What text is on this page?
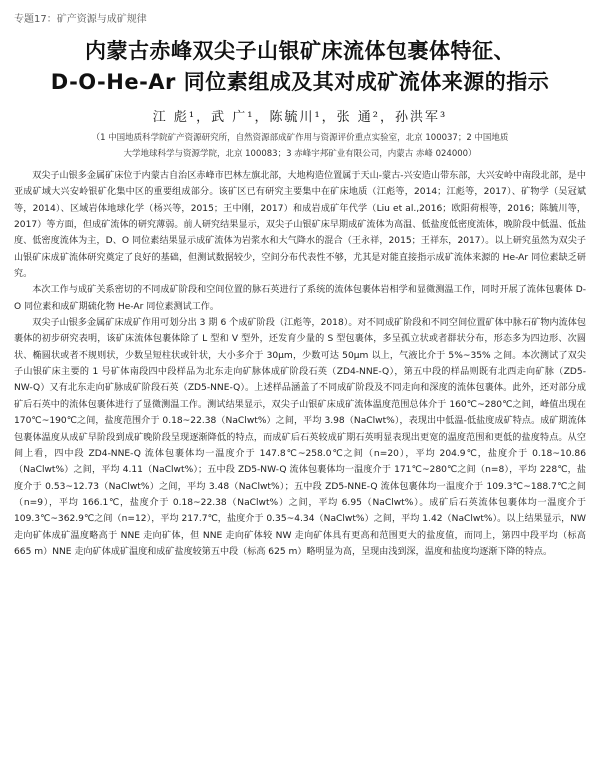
专题17：矿产资源与成矿规律
内蒙古赤峰双尖子山银矿床流体包裹体特征、
D-O-He-Ar 同位素组成及其对成矿流体来源的指示
江 彪¹，武 广¹，陈毓川¹，张 通²，孙洪军³
（1 中国地质科学院矿产资源研究所，自然资源部成矿作用与资源评价重点实验室，北京 100037；2 中国地质
大学地球科学与资源学院，北京 100083；3 赤峰宇邦矿业有限公司，内蒙古 赤峰 024000）

双尖子山银多金属矿床位于内蒙古自治区赤峰市巴林左旗北部，大地构造位置属于天山-蒙古-兴安造山带东部，大兴安岭中南段北部，是中亚成矿域大兴安岭银矿化集中区的重要组成部分。该矿区已有研究主要集中在矿床地质（江彪等，2014；江彪等，2017）、矿物学（吴冠斌等，2014）、区域岩体地球化学（杨兴等，2015；王中刚，2017）和成岩成矿年代学（Liu et al.,2016；欧阳荷根等，2016；陈毓川等，2017）等方面，但成矿流体的研究薄弱。前人研究结果显示，双尖子山银矿床早期成矿流体为高温、低盐度低密度流体，晚阶段中低温、低盐度、低密度流体为主，D、O 同位素结果显示成矿流体为岩浆水和大气降水的混合（王永祥，2015；王祥东，2017）。以上研究虽然为双尖子山银矿床成矿流体研究奠定了良好的基础，但测试数据较少，空间分布代表性不够，尤其是对能直接指示成矿流体来源的 He-Ar 同位素缺乏研究。

本次工作与成矿关系密切的不同成矿阶段和空间位置的脉石英进行了系统的流体包裹体岩相学和显微测温工作，同时开展了流体包裹体 D-O 同位素和成矿期硫化物 He-Ar 同位素测试工作。

双尖子山银多金属矿床成矿作用可划分出 3 期 6 个成矿阶段（江彪等，2018）。对不同成矿阶段和不同空间位置矿体中脉石矿物内流体包裹体的初步研究表明，该矿床流体包裹体除了 L 型和 V 型外，还发育少量的 S 型包裹体，多呈孤立状或者群状分布，形态多为四边形、次圆状、椭圆状或者不规则状，少数呈短柱状或针状，大小多介于 30μm，少数可达 50μm 以上，气液比介于 5%~35% 之间。本次测试了双尖子山银矿床主要的 1 号矿体南段四中段样品为北东走向矿脉体成矿阶段石英（ZD4-NNE-Q），第五中段的样品则既有北西走向矿脉（ZD5-NW-Q）又有北东走向矿脉成矿阶段石英（ZD5-NNE-Q）。上述样品涵盖了不同成矿阶段及不同走向和深度的流体包裹体。此外，还对部分成矿后石英中的流体包裹体进行了显微测温工作。测试结果显示，双尖子山银矿床成矿流体温度范围总体介于 160℃~280℃之间，峰值出现在 170℃~190℃之间，盐度范围介于 0.18~22.38（NaClwt%）之间，平均 3.98（NaClwt%），表现出中低温-低盐度成矿特点。成矿期流体包裹体温度从成矿早阶段到成矿晚阶段呈现逐渐降低的特点，而成矿后石英较成矿期石英明显表现出更宽的温度范围和更低的盐度特点。从空间上看，四中段 ZD4-NNE-Q 流体包裹体均一温度介于 147.8℃~258.0℃之间（n=20），平均 204.9℃，盐度介于 0.18~10.86（NaClwt%）之间，平均 4.11（NaClwt%）；五中段 ZD5-NW-Q 流体包裹体均一温度介于 171℃~280℃之间（n=8），平均 228℃，盐度介于 0.53~12.73（NaClwt%）之间，平均 3.48（NaClwt%）；五中段 ZD5-NNE-Q 流体包裹体均一温度介于 109.3℃~188.7℃之间（n=9），平均 166.1℃，盐度介于 0.18~22.38（NaClwt%）之间，平均 6.95（NaClwt%）。成矿后石英流体包裹体均一温度介于 109.3℃~362.9℃之间（n=12），平均 217.7℃，盐度介于 0.35~4.34（NaClwt%）之间，平均 1.42（NaClwt%）。以上结果显示，NW 走向矿体成矿温度略高于 NNE 走向矿体，但 NNE 走向矿体较 NW 走向矿体具有更高和范围更大的盐度值，而同上，第四中段平均（标高 665 m）NNE 走向矿体成矿温度和成矿盐度较第五中段（标高 625 m）略明显为高，呈现由浅到深，温度和盐度均逐渐下降的特点。
